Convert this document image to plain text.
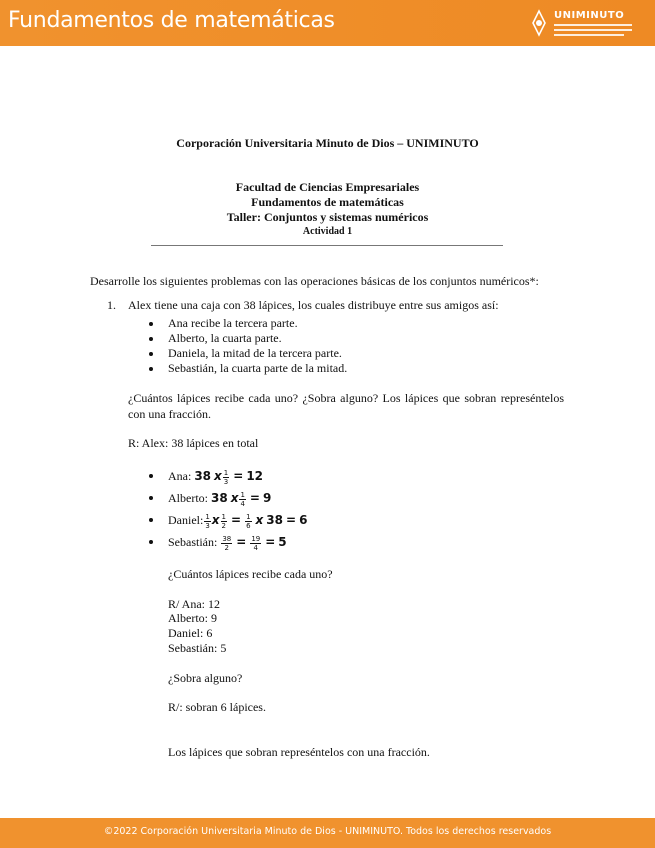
Fundamentos de matemáticas	UNIMINUTO
Corporación Universitaria Minuto de Dios – UNIMINUTO
Facultad de Ciencias Empresariales
Fundamentos de matemáticas
Taller: Conjuntos y sistemas numéricos
Actividad 1
Desarrolle los siguientes problemas con las operaciones básicas de los conjuntos numéricos*:
1. Alex tiene una caja con 38 lápices, los cuales distribuye entre sus amigos así:
Ana recibe la tercera parte.
Alberto, la cuarta parte.
Daniela, la mitad de la tercera parte.
Sebastián, la cuarta parte de la mitad.
¿Cuántos lápices recibe cada uno? ¿Sobra alguno? Los lápices que sobran represéntelos con una fracción.
R: Alex: 38 lápices en total
Ana: 38 x $\frac{1}{3} = 12$
Alberto: 38 x $\frac{1}{4} = 9$
Daniel: $\frac{1}{3}$ x $\frac{1}{2} = \frac{1}{6}$ x 38 = 6
Sebastián: $\frac{38}{2} = \frac{19}{4} = 5$
¿Cuántos lápices recibe cada uno?
R/ Ana: 12
Alberto: 9
Daniel: 6
Sebastián: 5
¿Sobra alguno?
R/: sobran 6 lápices.
Los lápices que sobran represéntelos con una fracción.
©2022 Corporación Universitaria Minuto de Dios - UNIMINUTO. Todos los derechos reservados
